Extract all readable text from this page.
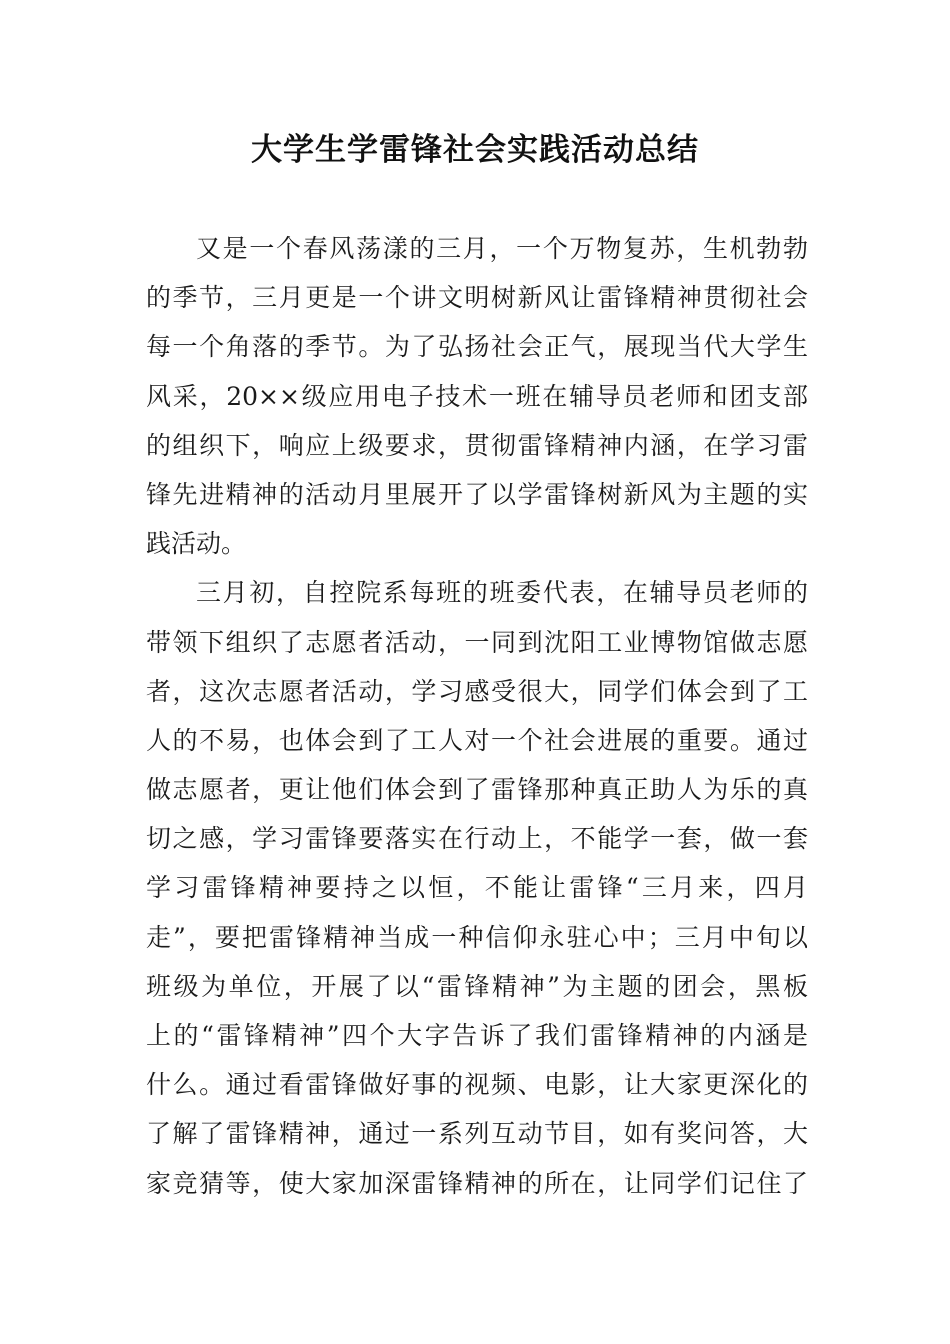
大学生学雷锋社会实践活动总结
又是一个春风荡漾的三月，一个万物复苏，生机勃勃
的季节，三月更是一个讲文明树新风让雷锋精神贯彻社会
每一个角落的季节。为了弘扬社会正气，展现当代大学生
风采，20××级应用电子技术一班在辅导员老师和团支部
的组织下，响应上级要求，贯彻雷锋精神内涵，在学习雷
锋先进精神的活动月里展开了以学雷锋树新风为主题的实
践活动。
三月初，自控院系每班的班委代表，在辅导员老师的
带领下组织了志愿者活动，一同到沈阳工业博物馆做志愿
者，这次志愿者活动，学习感受很大，同学们体会到了工
人的不易，也体会到了工人对一个社会进展的重要。通过
做志愿者，更让他们体会到了雷锋那种真正助人为乐的真
切之感，学习雷锋要落实在行动上，不能学一套，做一套
学习雷锋精神要持之以恒，不能让雷锋“三月来，四月
走”，要把雷锋精神当成一种信仰永驻心中；三月中旬以
班级为单位，开展了以“雷锋精神”为主题的团会，黑板
上的“雷锋精神”四个大字告诉了我们雷锋精神的内涵是
什么。通过看雷锋做好事的视频、电影，让大家更深化的
了解了雷锋精神，通过一系列互动节目，如有奖问答，大
家竞猜等，使大家加深雷锋精神的所在，让同学们记住了
